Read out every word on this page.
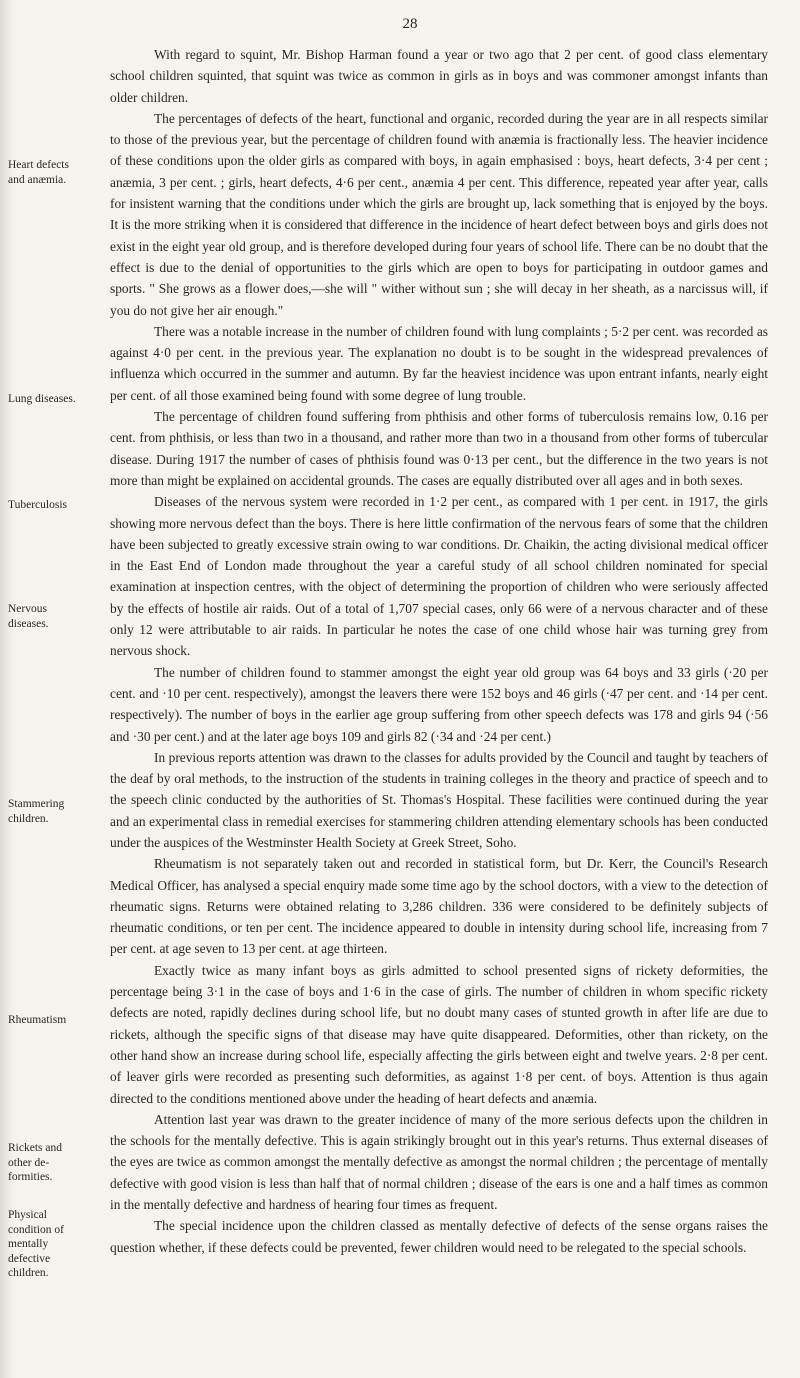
28
Heart defects and anæmia.
Lung diseases.
Tuberculosis
Nervous diseases.
Stammering children.
Rheumatism
Rickets and other de-formities.

With regard to squint, Mr. Bishop Harman found a year or two ago that 2 per cent. of good class elementary school children squinted, that squint was twice as common in girls as in boys and was commoner amongst infants than older children.

The percentages of defects of the heart, functional and organic, recorded during the year are in all respects similar to those of the previous year, but the percentage of children found with anæmia is fractionally less. The heavier incidence of these conditions upon the older girls as compared with boys, in again emphasised : boys, heart defects, 3·4 per cent ; anæmia, 3 per cent. ; girls, heart defects, 4·6 per cent., anæmia 4 per cent. This difference, repeated year after year, calls for insistent warning that the conditions under which the girls are brought up, lack something that is enjoyed by the boys. It is the more striking when it is considered that difference in the incidence of heart defect between boys and girls does not exist in the eight year old group, and is therefore developed during four years of school life. There can be no doubt that the effect is due to the denial of opportunities to the girls which are open to boys for participating in outdoor games and sports. " She grows as a flower does,—she will " wither without sun ; she will decay in her sheath, as a narcissus will, if you do not give her air enough."

There was a notable increase in the number of children found with lung complaints ; 5·2 per cent. was recorded as against 4·0 per cent. in the previous year. The explanation no doubt is to be sought in the widespread prevalences of influenza which occurred in the summer and autumn. By far the heaviest incidence was upon entrant infants, nearly eight per cent. of all those examined being found with some degree of lung trouble.

The percentage of children found suffering from phthisis and other forms of tuberculosis remains low, 0.16 per cent. from phthisis, or less than two in a thousand, and rather more than two in a thousand from other forms of tubercular disease. During 1917 the number of cases of phthisis found was 0·13 per cent., but the difference in the two years is not more than might be explained on accidental grounds. The cases are equally distributed over all ages and in both sexes.

Diseases of the nervous system were recorded in 1·2 per cent., as compared with 1 per cent. in 1917, the girls showing more nervous defect than the boys. There is here little confirmation of the nervous fears of some that the children have been subjected to greatly excessive strain owing to war conditions. Dr. Chaikin, the acting divisional medical officer in the East End of London made throughout the year a careful study of all school children nominated for special examination at inspection centres, with the object of determining the proportion of children who were seriously affected by the effects of hostile air raids. Out of a total of 1,707 special cases, only 66 were of a nervous character and of these only 12 were attributable to air raids. In particular he notes the case of one child whose hair was turning grey from nervous shock.

The number of children found to stammer amongst the eight year old group was 64 boys and 33 girls (·20 per cent. and ·10 per cent. respectively), amongst the leavers there were 152 boys and 46 girls (·47 per cent. and ·14 per cent. respectively). The number of boys in the earlier age group suffering from other speech defects was 178 and girls 94 (·56 and ·30 per cent.) and at the later age boys 109 and girls 82 (·34 and ·24 per cent.)

In previous reports attention was drawn to the classes for adults provided by the Council and taught by teachers of the deaf by oral methods, to the instruction of the students in training colleges in the theory and practice of speech and to the speech clinic conducted by the authorities of St. Thomas's Hospital. These facilities were continued during the year and an experimental class in remedial exercises for stammering children attending elementary schools has been conducted under the auspices of the Westminster Health Society at Greek Street, Soho.

Rheumatism is not separately taken out and recorded in statistical form, but Dr. Kerr, the Council's Research Medical Officer, has analysed a special enquiry made some time ago by the school doctors, with a view to the detection of rheumatic signs. Returns were obtained relating to 3,286 children. 336 were considered to be definitely subjects of rheumatic conditions, or ten per cent. The incidence appeared to double in intensity during school life, increasing from 7 per cent. at age seven to 13 per cent. at age thirteen.

Exactly twice as many infant boys as girls admitted to school presented signs of rickety deformities, the percentage being 3·1 in the case of boys and 1·6 in the case of girls. The number of children in whom specific rickety defects are noted, rapidly declines during school life, but no doubt many cases of stunted growth in after life are due to rickets, although the specific signs of that disease may have quite disappeared. Deformities, other than rickety, on the other hand show an increase during school life, especially affecting the girls between eight and twelve years. 2·8 per cent. of leaver girls were recorded as presenting such deformities, as against 1·8 per cent. of boys. Attention is thus again directed to the conditions mentioned above under the heading of heart defects and anæmia.

Attention last year was drawn to the greater incidence of many of the more serious defects upon the children in the schools for the mentally defective. This is again strikingly brought out in this year's returns. Thus external diseases of the eyes are twice as common amongst the mentally defective as amongst the normal children ; the percentage of mentally defective with good vision is less than half that of normal children ; disease of the ears is one and a half times as common in the mentally defective and hardness of hearing four times as frequent.

The special incidence upon the children classed as mentally defective of defects of the sense organs raises the question whether, if these defects could be prevented, fewer children would need to be relegated to the special schools.

Physical condition of mentally defective children.
